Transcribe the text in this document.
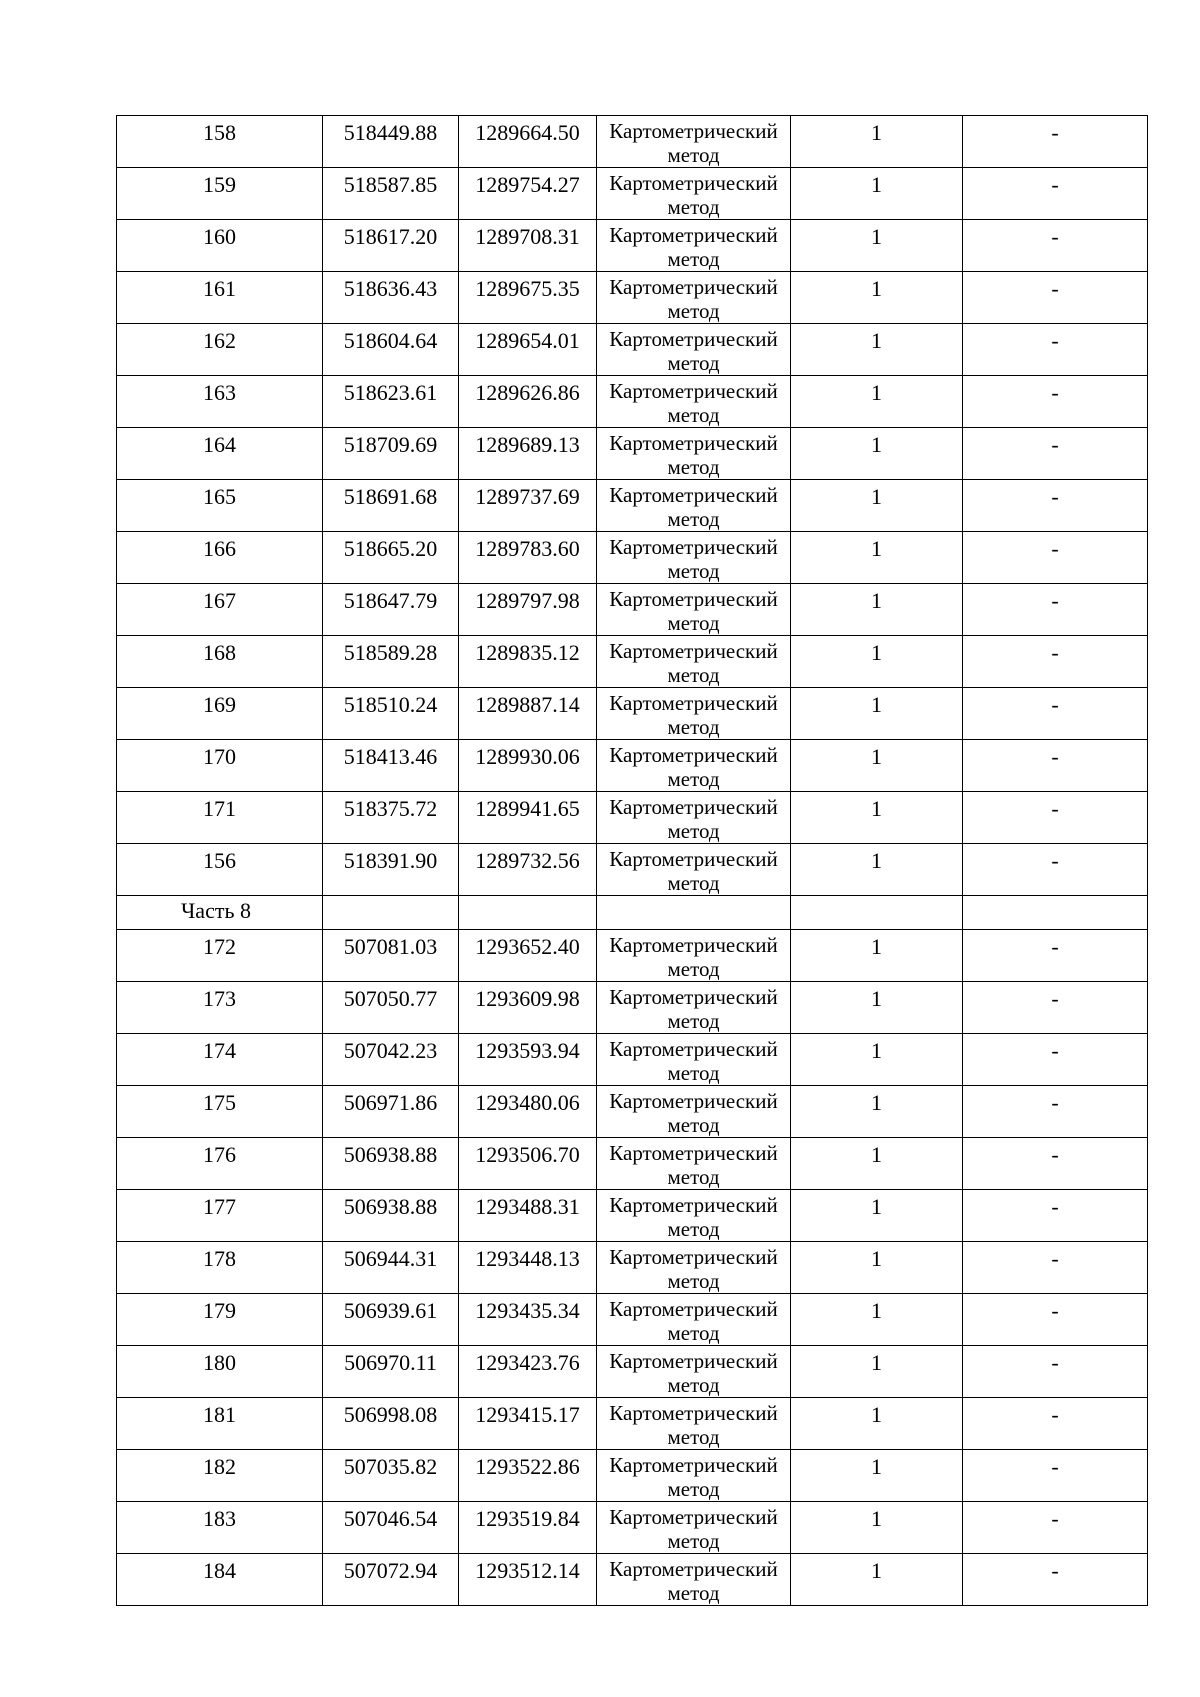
158	518449.88	1289664.50	Картометрический
метод	1	-

159	518587.85	1289754.27	Картометрический
метод	1	-

160	518617.20	1289708.31	Картометрический
метод	1	-

161	518636.43	1289675.35	Картометрический
метод	1	-

162	518604.64	1289654.01	Картометрический
метод	1	-

163	518623.61	1289626.86	Картометрический
метод	1	-

164	518709.69	1289689.13	Картометрический
метод	1	-

165	518691.68	1289737.69	Картометрический
метод	1	-

166	518665.20	1289783.60	Картометрический
метод	1	-

167	518647.79	1289797.98	Картометрический
метод	1	-

168	518589.28	1289835.12	Картометрический
метод	1	-

169	518510.24	1289887.14	Картометрический
метод	1	-

170	518413.46	1289930.06	Картометрический
метод	1	-

171	518375.72	1289941.65	Картометрический
метод	1	-

156	518391.90	1289732.56	Картометрический
метод	1	-

Часть 8					

172	507081.03	1293652.40	Картометрический
метод	1	-

173	507050.77	1293609.98	Картометрический
метод	1	-

174	507042.23	1293593.94	Картометрический
метод	1	-

175	506971.86	1293480.06	Картометрический
метод	1	-

176	506938.88	1293506.70	Картометрический
метод	1	-

177	506938.88	1293488.31	Картометрический
метод	1	-

178	506944.31	1293448.13	Картометрический
метод	1	-

179	506939.61	1293435.34	Картометрический
метод	1	-

180	506970.11	1293423.76	Картометрический
метод	1	-

181	506998.08	1293415.17	Картометрический
метод	1	-

182	507035.82	1293522.86	Картометрический
метод	1	-

183	507046.54	1293519.84	Картометрический
метод	1	-

184	507072.94	1293512.14	Картометрический
метод	1	-
